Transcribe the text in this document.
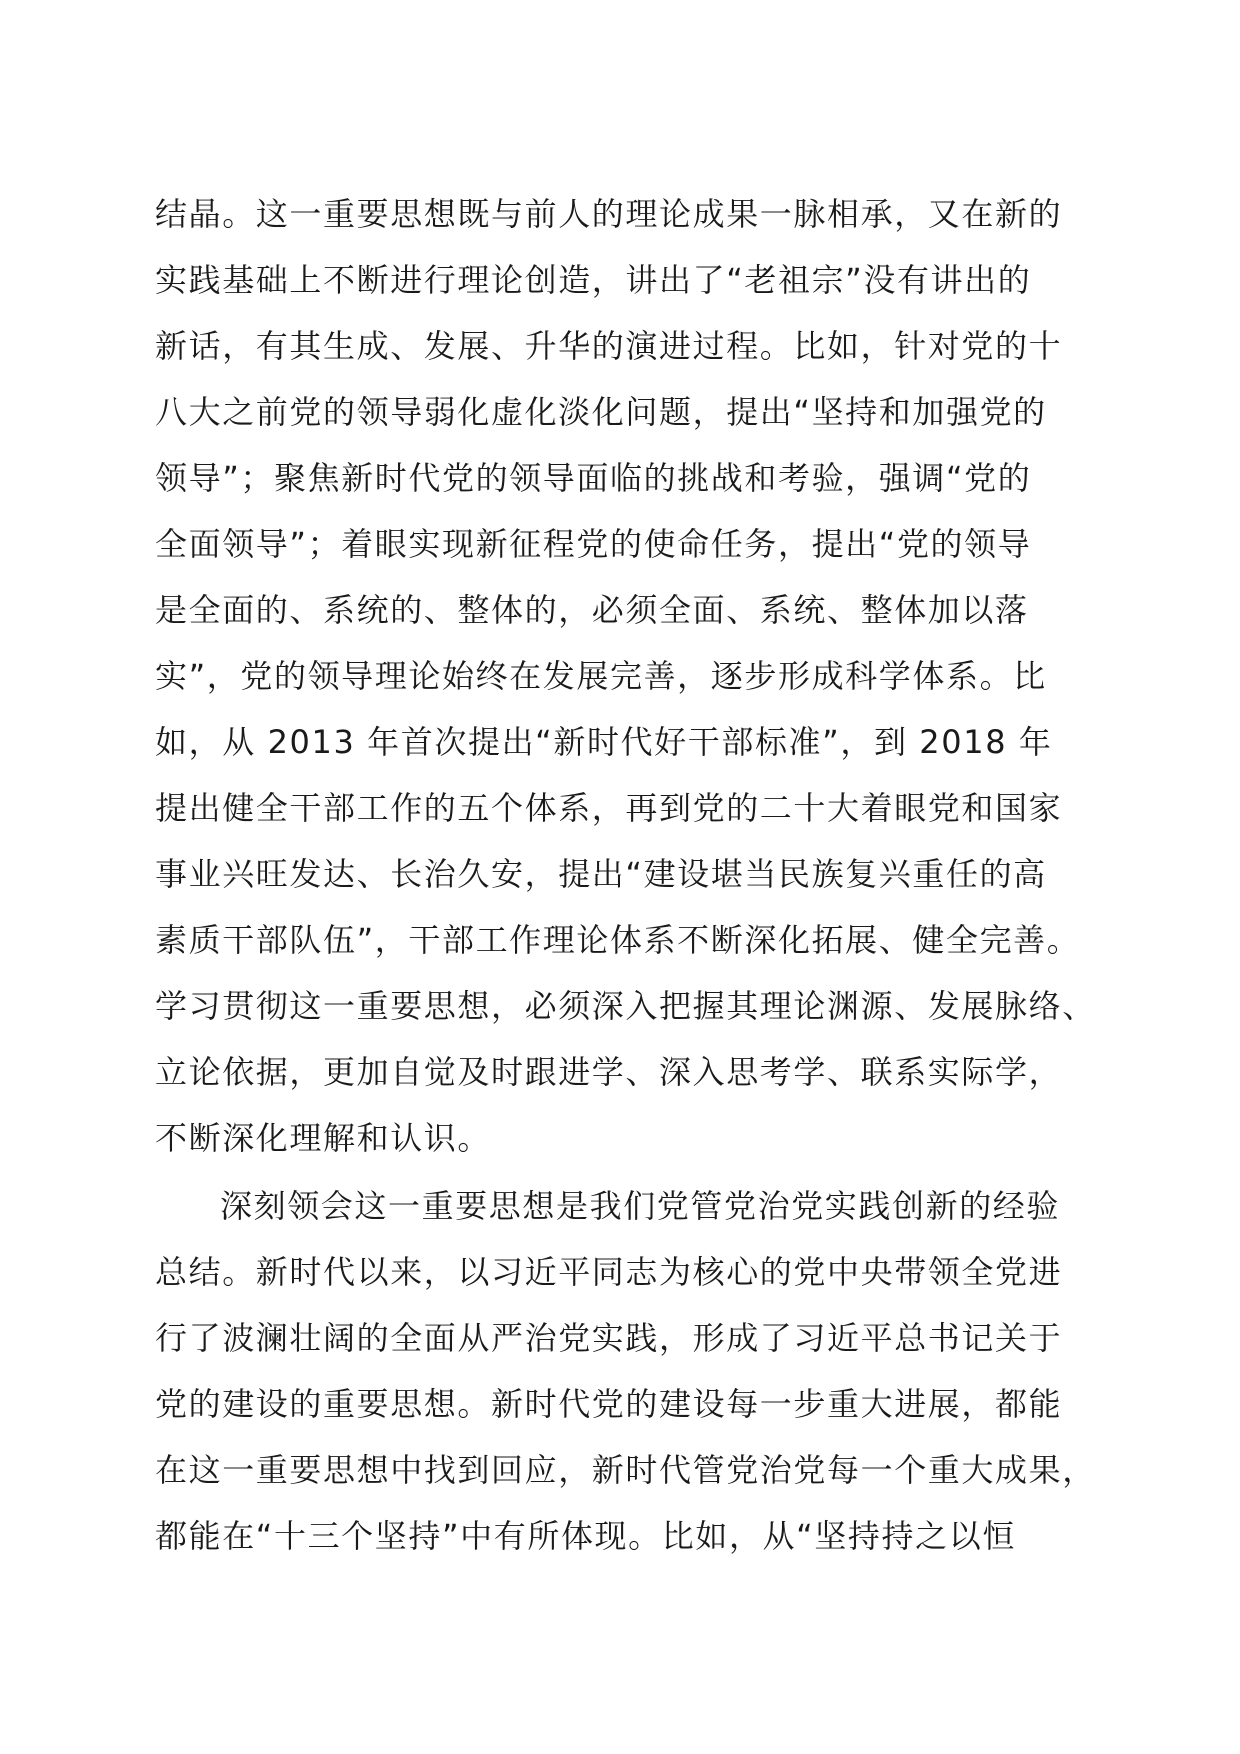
结晶。这一重要思想既与前人的理论成果一脉相承，又在新的
实践基础上不断进行理论创造，讲出了“老祖宗”没有讲出的
新话，有其生成、发展、升华的演进过程。比如，针对党的十
八大之前党的领导弱化虚化淡化问题，提出“坚持和加强党的
领导”；聚焦新时代党的领导面临的挑战和考验，强调“党的
全面领导”；着眼实现新征程党的使命任务，提出“党的领导
是全面的、系统的、整体的，必须全面、系统、整体加以落
实”，党的领导理论始终在发展完善，逐步形成科学体系。比
如，从 2013 年首次提出“新时代好干部标准”，到 2018 年
提出健全干部工作的五个体系，再到党的二十大着眼党和国家
事业兴旺发达、长治久安，提出“建设堪当民族复兴重任的高
素质干部队伍”，干部工作理论体系不断深化拓展、健全完善。
学习贯彻这一重要思想，必须深入把握其理论渊源、发展脉络、
立论依据，更加自觉及时跟进学、深入思考学、联系实际学，
不断深化理解和认识。
深刻领会这一重要思想是我们党管党治党实践创新的经验
总结。新时代以来，以习近平同志为核心的党中央带领全党进
行了波澜壮阔的全面从严治党实践，形成了习近平总书记关于
党的建设的重要思想。新时代党的建设每一步重大进展，都能
在这一重要思想中找到回应，新时代管党治党每一个重大成果，
都能在“十三个坚持”中有所体现。比如，从“坚持持之以恒
